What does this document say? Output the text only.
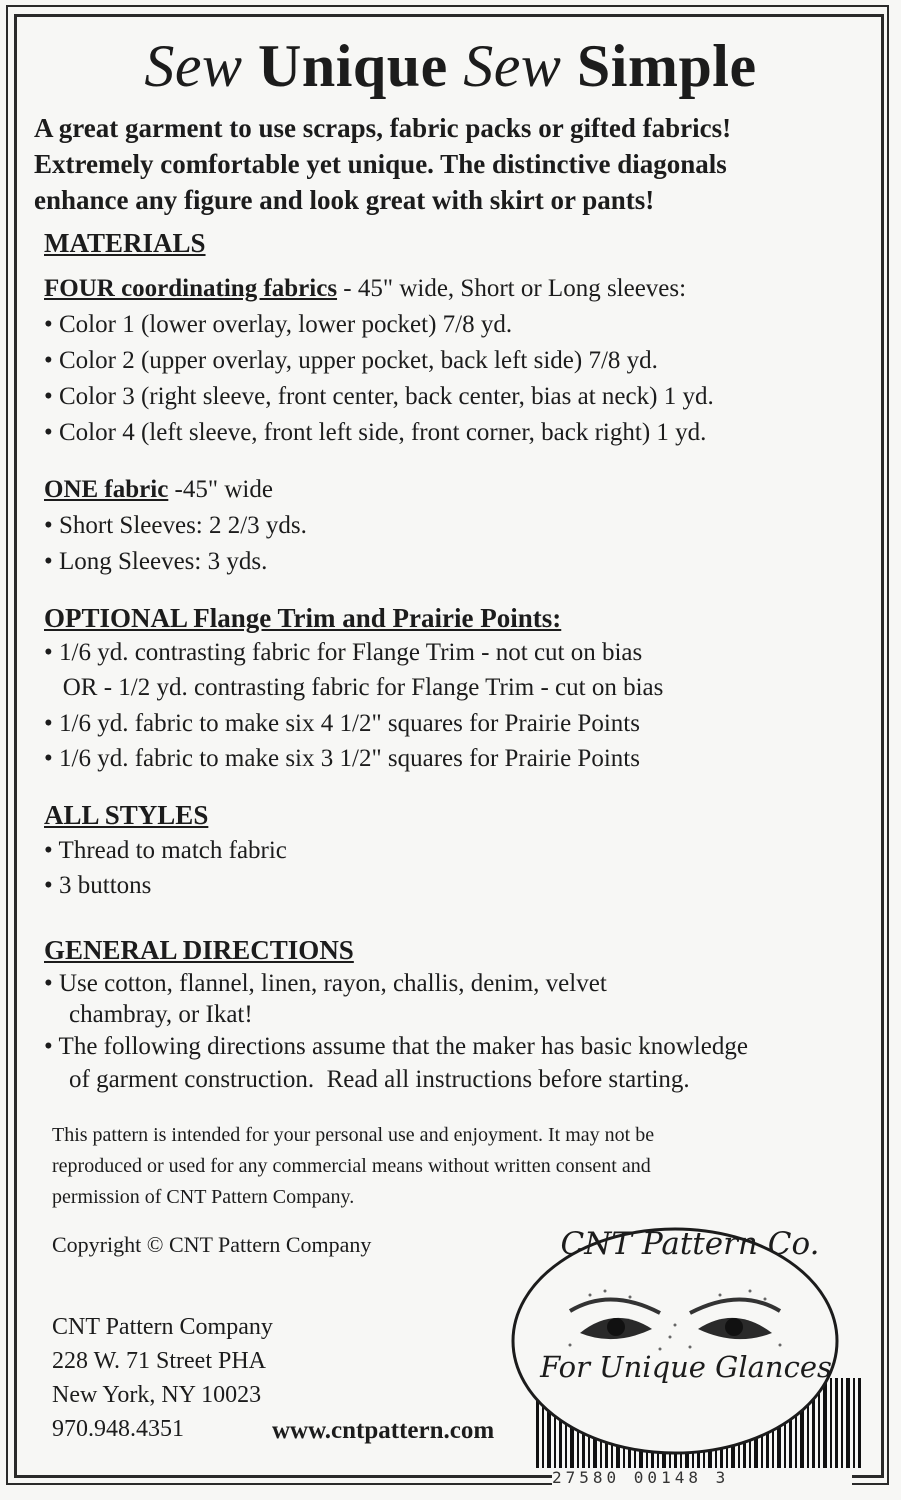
Sew Unique Sew Simple
A great garment to use scraps, fabric packs or gifted fabrics!
Extremely comfortable yet unique. The distinctive diagonals
enhance any figure and look great with skirt or pants!
MATERIALS
FOUR coordinating fabrics - 45" wide, Short or Long sleeves:
• Color 1 (lower overlay, lower pocket) 7/8 yd.
• Color 2 (upper overlay, upper pocket, back left side) 7/8 yd.
• Color 3 (right sleeve, front center, back center, bias at neck) 1 yd.
• Color 4 (left sleeve, front left side, front corner, back right) 1 yd.
ONE fabric -45" wide
• Short Sleeves: 2 2/3 yds.
• Long Sleeves: 3 yds.
OPTIONAL Flange Trim and Prairie Points:
• 1/6 yd. contrasting fabric for Flange Trim - not cut on bias
OR - 1/2 yd. contrasting fabric for Flange Trim - cut on bias
• 1/6 yd. fabric to make six 4 1/2" squares for Prairie Points
• 1/6 yd. fabric to make six 3 1/2" squares for Prairie Points
ALL STYLES
• Thread to match fabric
• 3 buttons
GENERAL DIRECTIONS
• Use cotton, flannel, linen, rayon, challis, denim, velvet
chambray, or Ikat!
• The following directions assume that the maker has basic knowledge
of garment construction.  Read all instructions before starting.
This pattern is intended for your personal use and enjoyment. It may not be
reproduced or used for any commercial means without written consent and
permission of CNT Pattern Company.
Copyright © CNT Pattern Company
CNT Pattern Company
228 W. 71 Street PHA
New York, NY 10023
970.948.4351	www.cntpattern.com
CNT Pattern Co.
For Unique Glances
27580 00148 3
